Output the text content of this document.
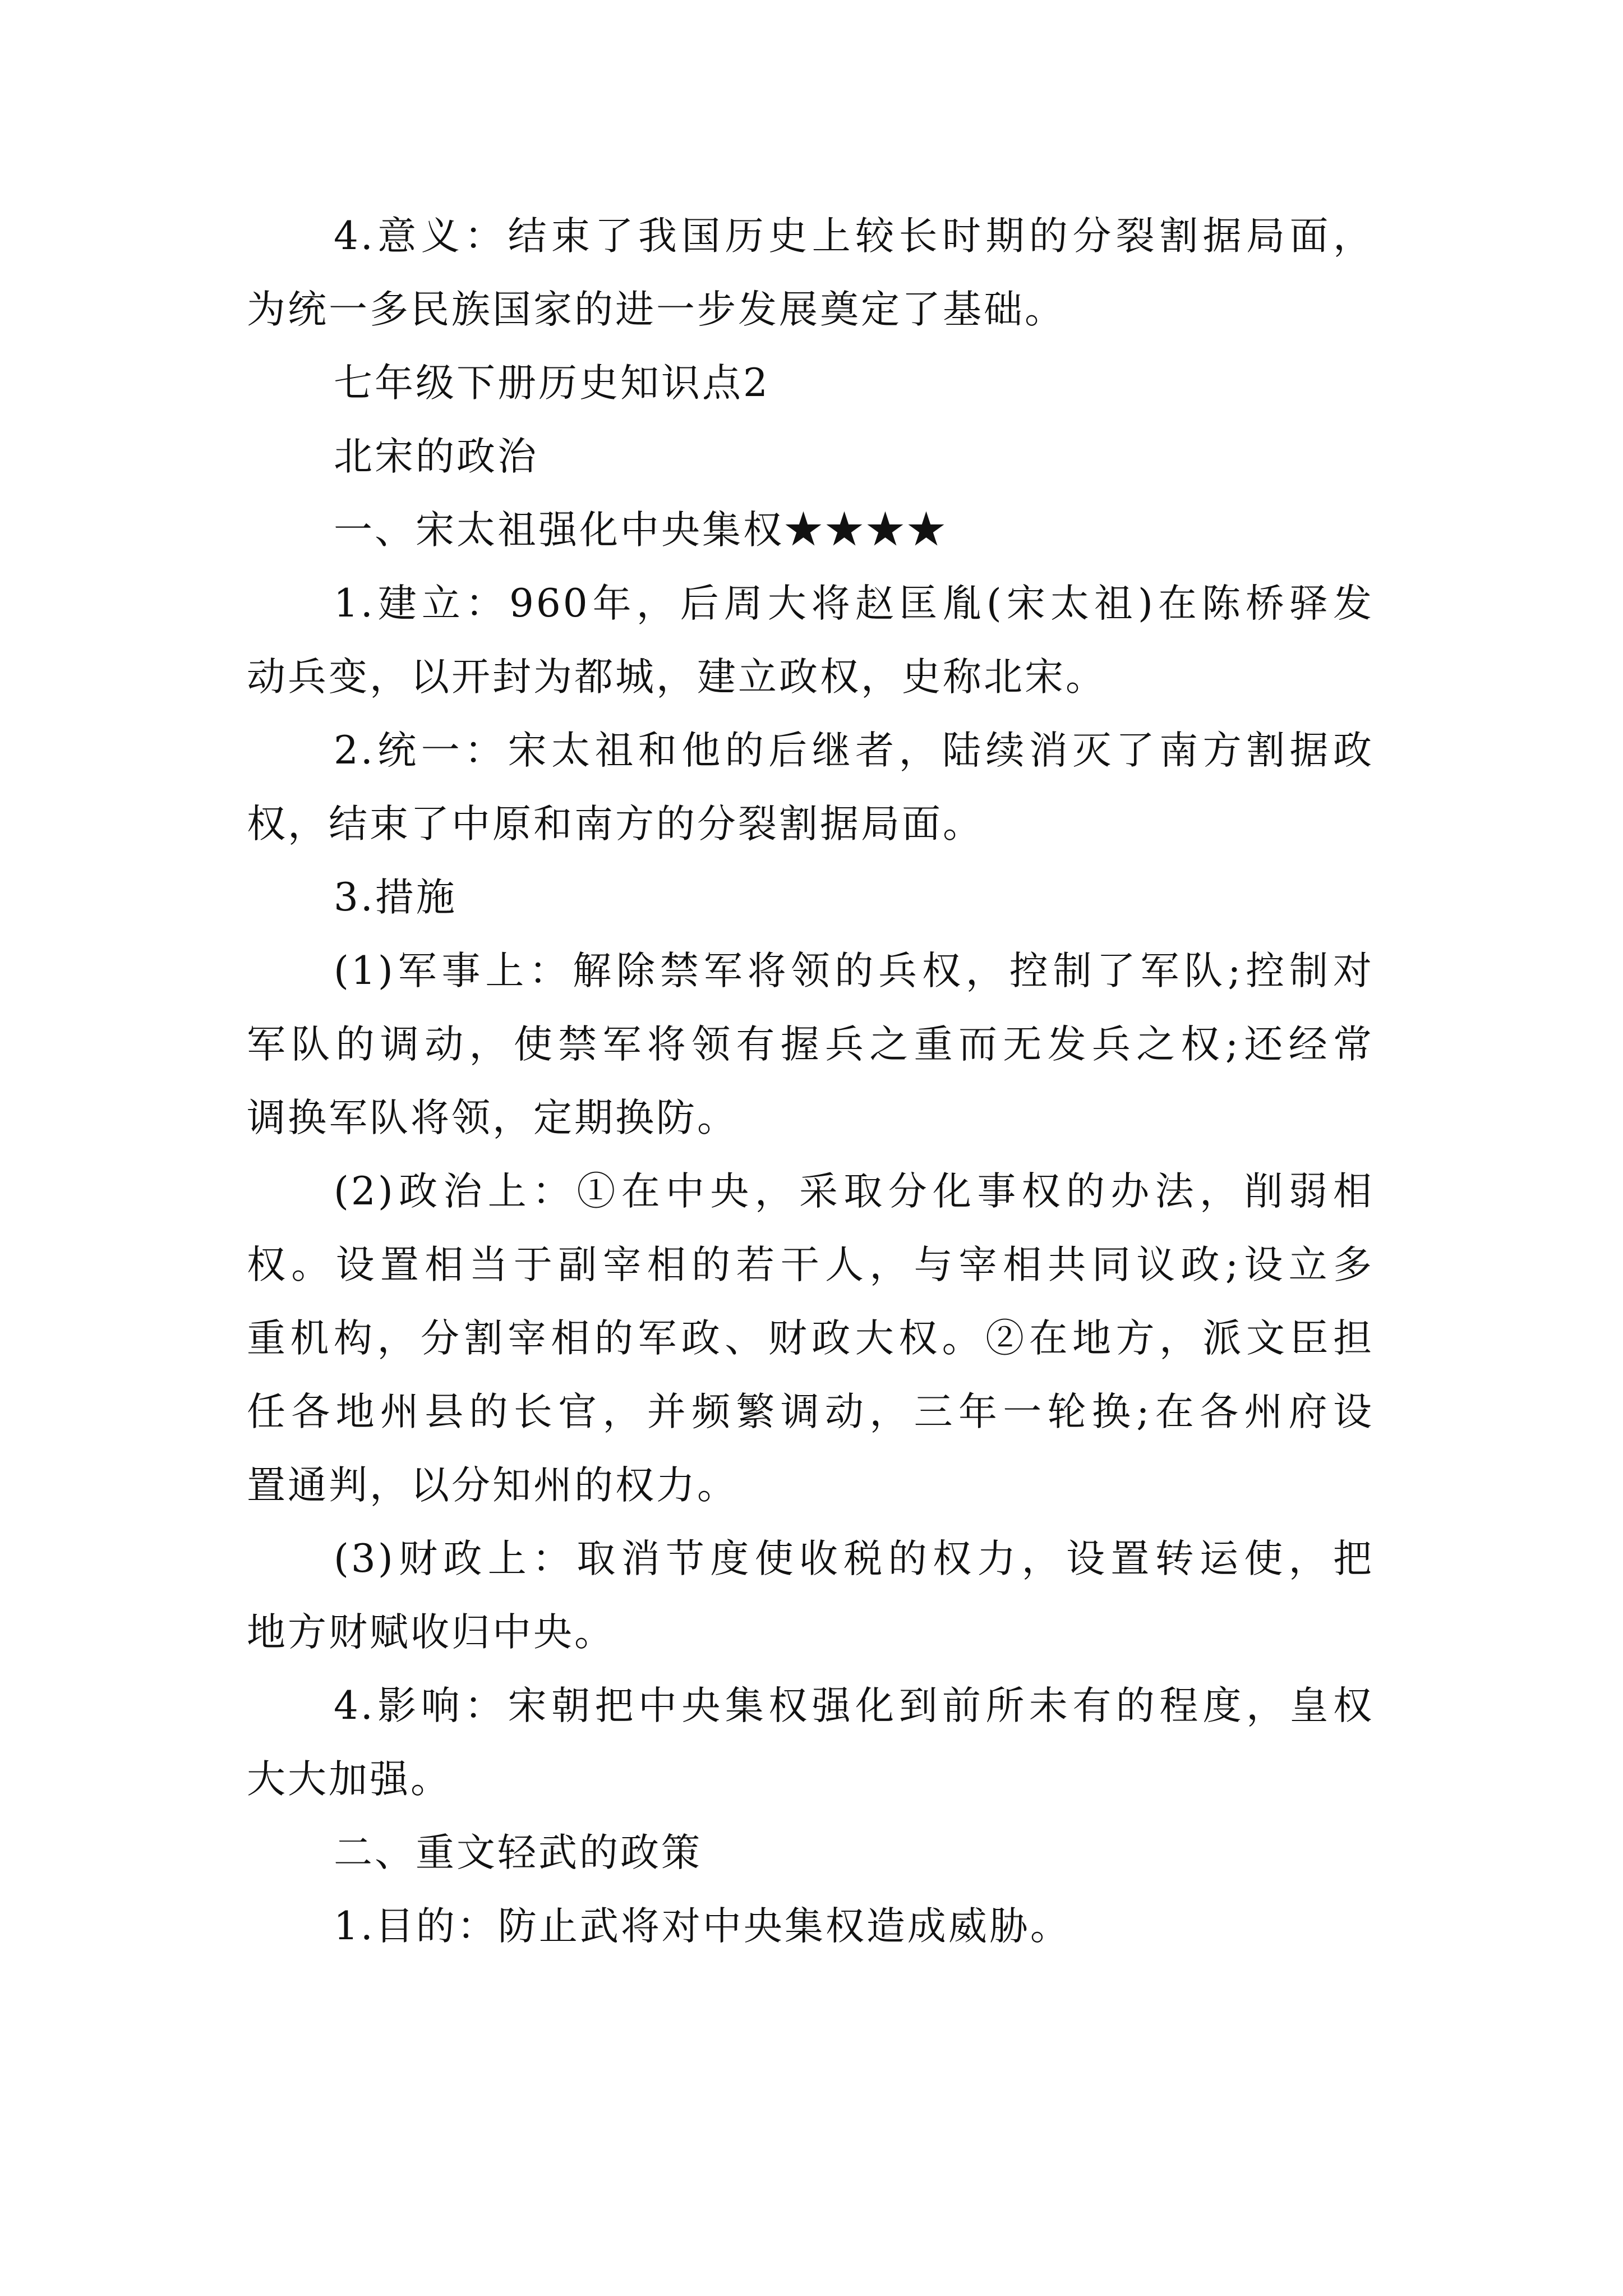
4.意义：结束了我国历史上较长时期的分裂割据局面，
为统一多民族国家的进一步发展奠定了基础。
七年级下册历史知识点2
北宋的政治
一、宋太祖强化中央集权★★★★
1.建立：960年，后周大将赵匡胤(宋太祖)在陈桥驿发
动兵变，以开封为都城，建立政权，史称北宋。
2.统一：宋太祖和他的后继者，陆续消灭了南方割据政
权，结束了中原和南方的分裂割据局面。
3.措施
(1)军事上：解除禁军将领的兵权，控制了军队;控制对
军队的调动，使禁军将领有握兵之重而无发兵之权;还经常
调换军队将领，定期换防。
(2)政治上：①在中央，采取分化事权的办法，削弱相
权。设置相当于副宰相的若干人，与宰相共同议政;设立多
重机构，分割宰相的军政、财政大权。②在地方，派文臣担
任各地州县的长官，并频繁调动，三年一轮换;在各州府设
置通判，以分知州的权力。
(3)财政上：取消节度使收税的权力，设置转运使，把
地方财赋收归中央。
4.影响：宋朝把中央集权强化到前所未有的程度，皇权
大大加强。
二、重文轻武的政策
1.目的：防止武将对中央集权造成威胁。
